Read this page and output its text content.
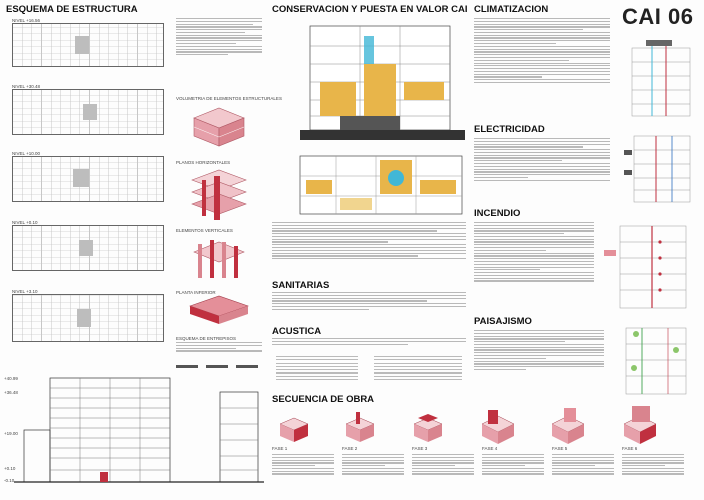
ESQUEMA DE ESTRUCTURA
NIVEL +16.56
NIVEL +30.48
NIVEL +10.00
NIVEL +0.10
NIVEL +3.10
VOLUMETRIA DE ELEMENTOS ESTRUCTURALES
PLANOS HORIZONTALES
ELEMENTOS VERTICALES
PLANTA INFERIOR
ESQUEMA DE ENTREPISOS
+40.99
+36.48
+19.00
+0.10
-0.10
CONSERVACION Y PUESTA EN VALOR CAI
SANITARIAS
ACUSTICA
SECUENCIA DE OBRA
CAI 06
CLIMATIZACION
ELECTRICIDAD
INCENDIO
PAISAJISMO
FASE 1	FASE 2	FASE 3	FASE 4	FASE 5	FASE 6
